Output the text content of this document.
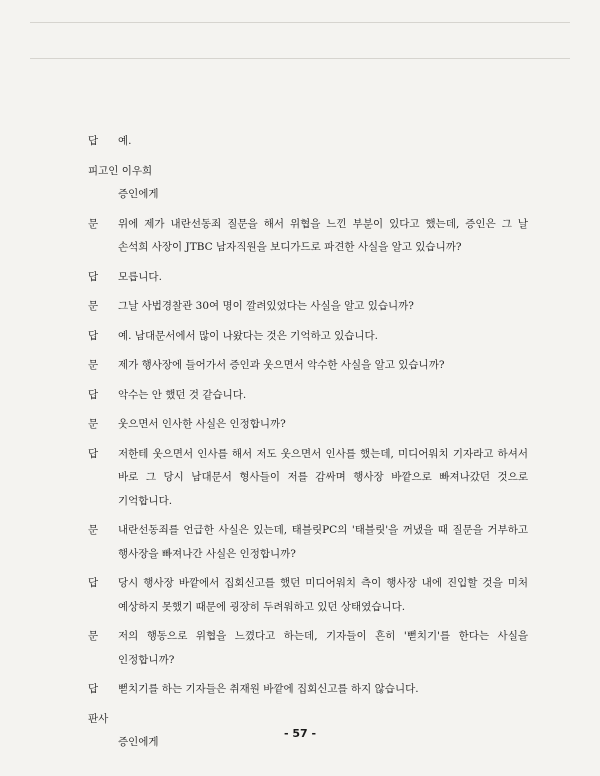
답	예.
피고인 이우희
증인에게
문	위에 제가 내란선동죄 질문을 해서 위협을 느낀 부분이 있다고 했는데, 증인은 그 날 손석희 사장이 JTBC 남자직원을 보디가드로 파견한 사실을 알고 있습니까?
답	모릅니다.
문	그날 사법경찰관 30여 명이 깔려있었다는 사실을 알고 있습니까?
답	예. 남대문서에서 많이 나왔다는 것은 기억하고 있습니다.
문	제가 행사장에 들어가서 증인과 웃으면서 악수한 사실을 알고 있습니까?
답	악수는 안 했던 것 같습니다.
문	웃으면서 인사한 사실은 인정합니까?
답	저한테 웃으면서 인사를 해서 저도 웃으면서 인사를 했는데, 미디어워치 기자라고 하셔서 바로 그 당시 남대문서 형사들이 저를 감싸며 행사장 바깥으로 빠져나갔던 것으로 기억합니다.
문	내란선동죄를 언급한 사실은 있는데, 태블릿PC의 '태블릿'을 꺼냈을 때 질문을 거부하고 행사장을 빠져나간 사실은 인정합니까?
답	당시 행사장 바깥에서 집회신고를 했던 미디어워치 측이 행사장 내에 진입할 것을 미처 예상하지 못했기 때문에 굉장히 두려워하고 있던 상태였습니다.
문	저의 행동으로 위협을 느꼈다고 하는데, 기자들이 흔히 '뻗치기'를 한다는 사실을 인정합니까?
답	뻗치기를 하는 기자들은 취재원 바깥에 집회신고를 하지 않습니다.
판사
증인에게
- 57 -
